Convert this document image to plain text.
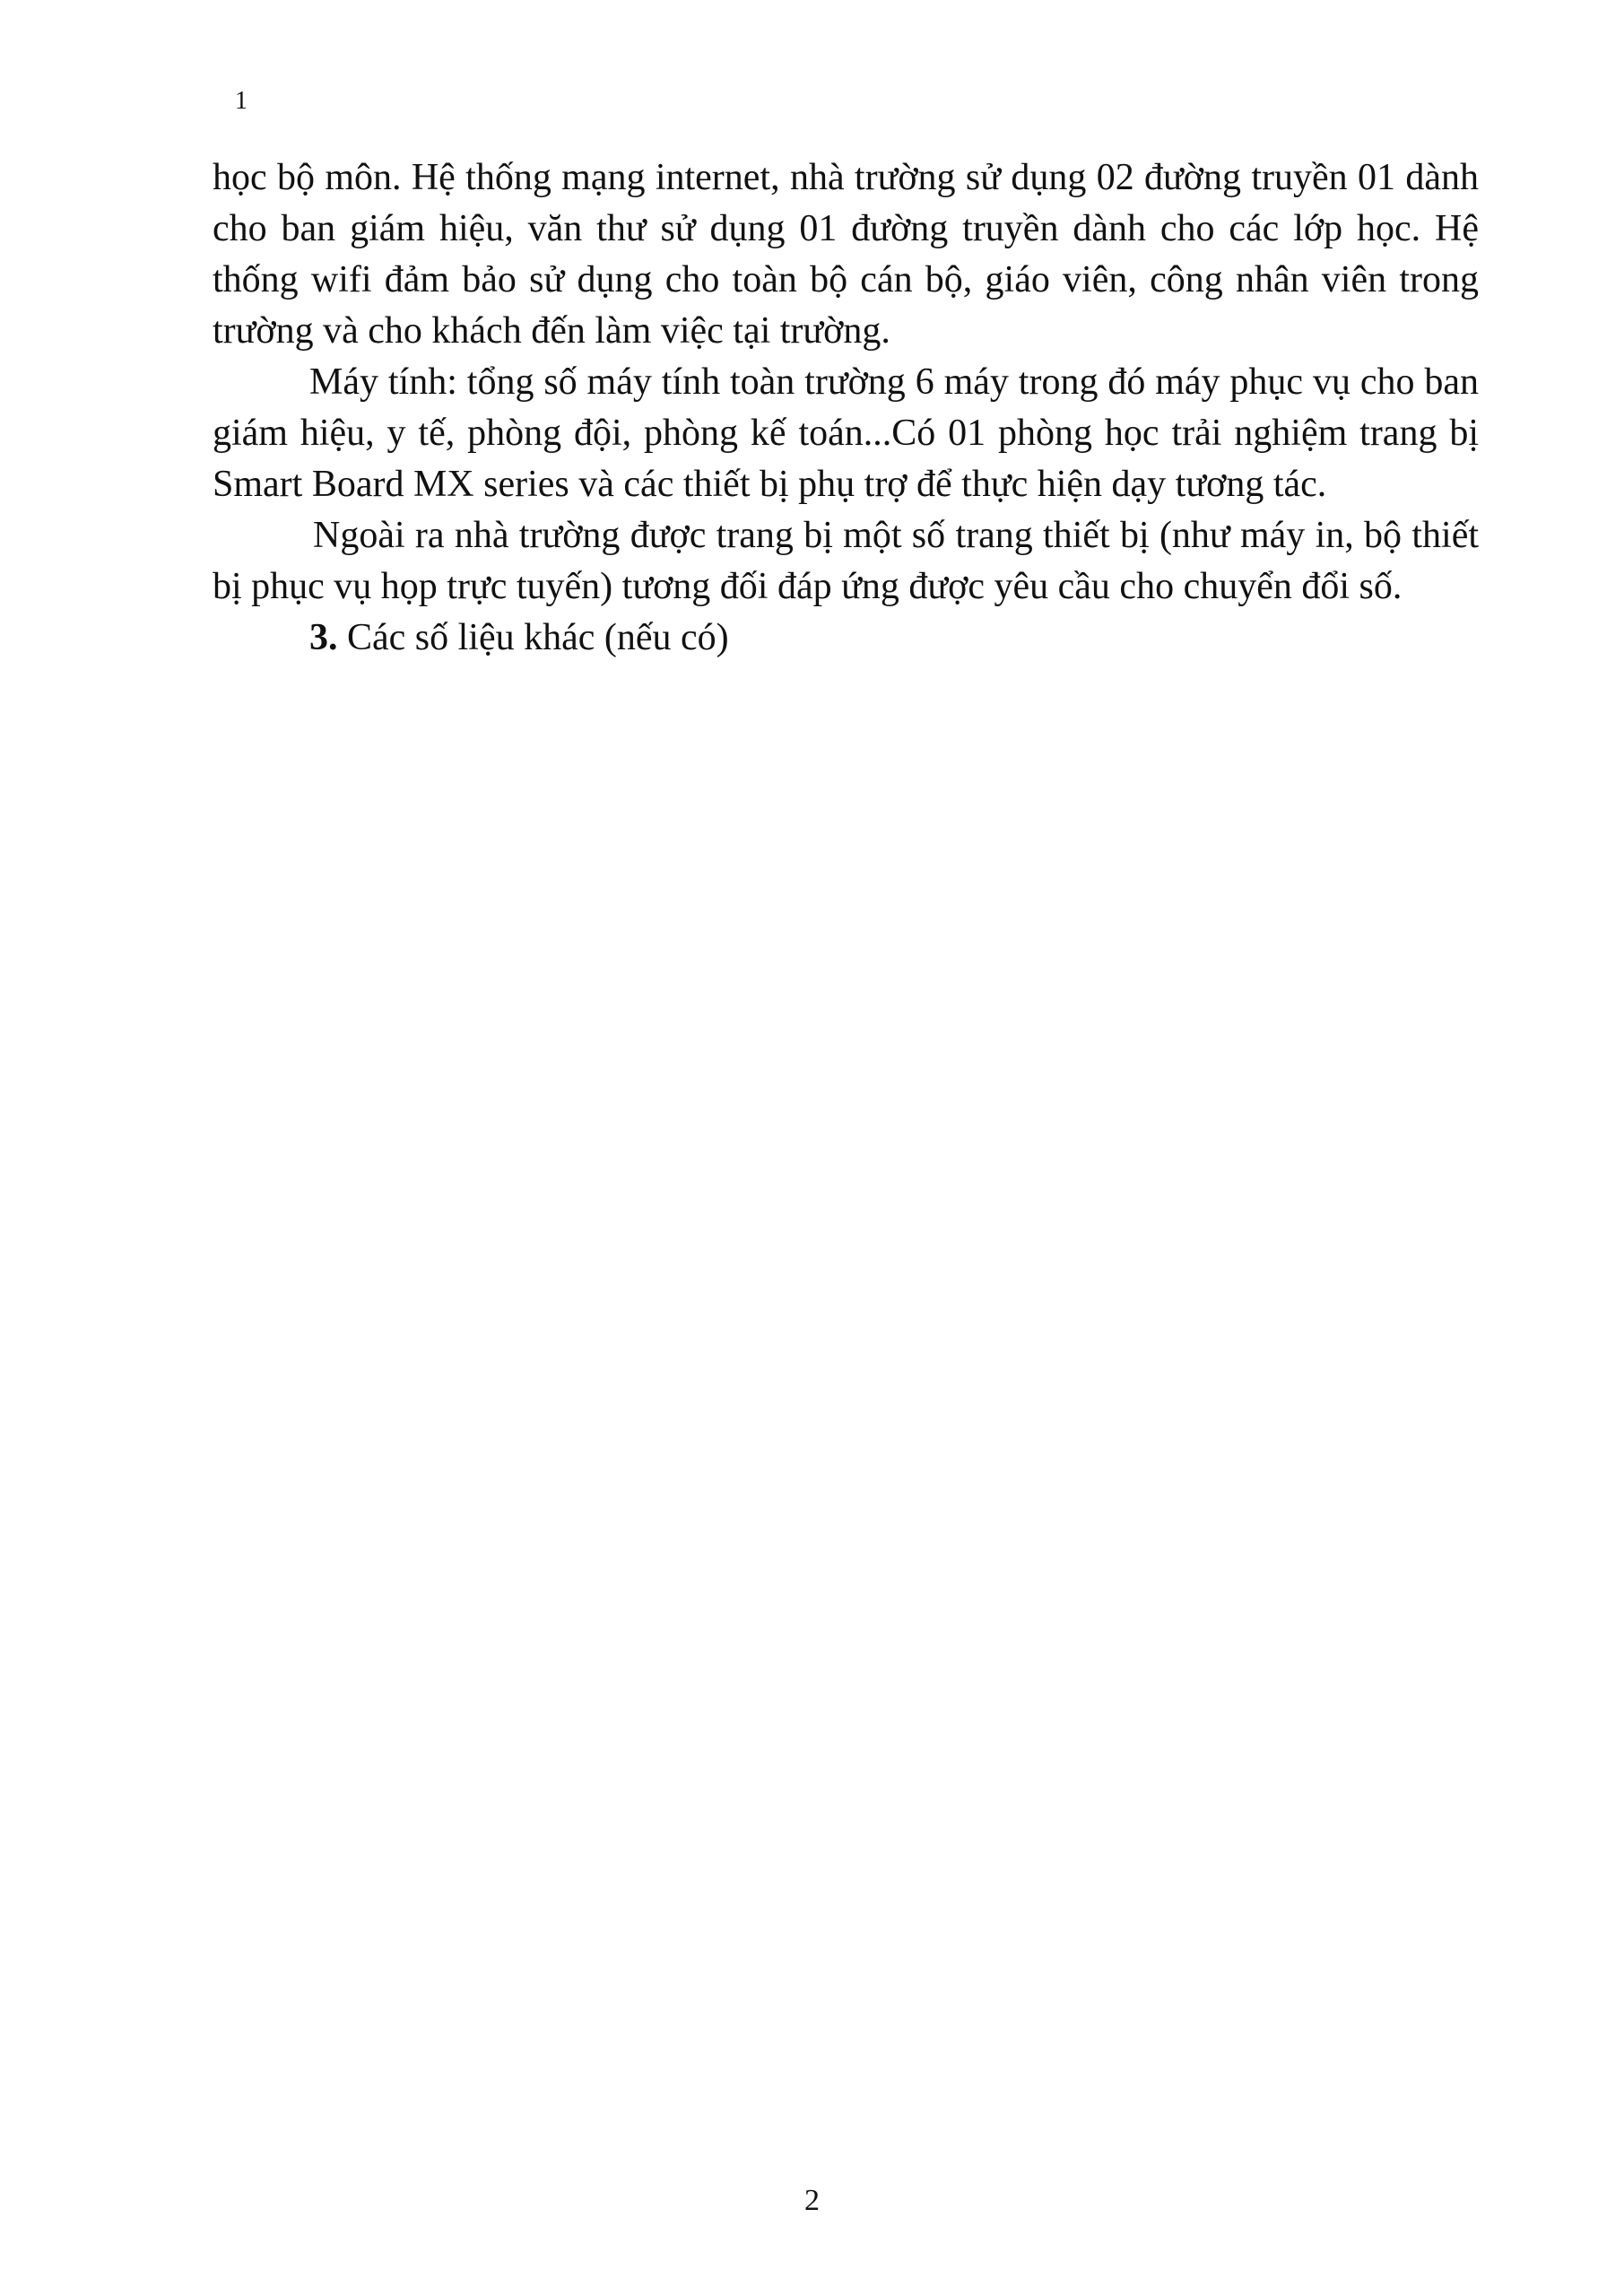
1
học bộ môn. Hệ thống mạng internet, nhà trường sử dụng 02 đường truyền 01 dành
cho ban giám hiệu, văn thư sử dụng 01 đường truyền dành cho các lớp học. Hệ
thống wifi đảm bảo sử dụng cho toàn bộ cán bộ, giáo viên, công nhân viên trong
trường và cho khách đến làm việc tại trường.
Máy tính: tổng số máy tính toàn trường 6 máy trong đó máy phục vụ cho ban
giám hiệu, y tế, phòng đội, phòng kế toán...Có 01 phòng học trải nghiệm trang bị
Smart Board MX series và các thiết bị phụ trợ để thực hiện dạy tương tác.
Ngoài ra nhà trường được trang bị một số trang thiết bị (như máy in, bộ thiết
bị phục vụ họp trực tuyến) tương đối đáp ứng được yêu cầu cho chuyển đổi số.
3. Các số liệu khác (nếu có)
2
